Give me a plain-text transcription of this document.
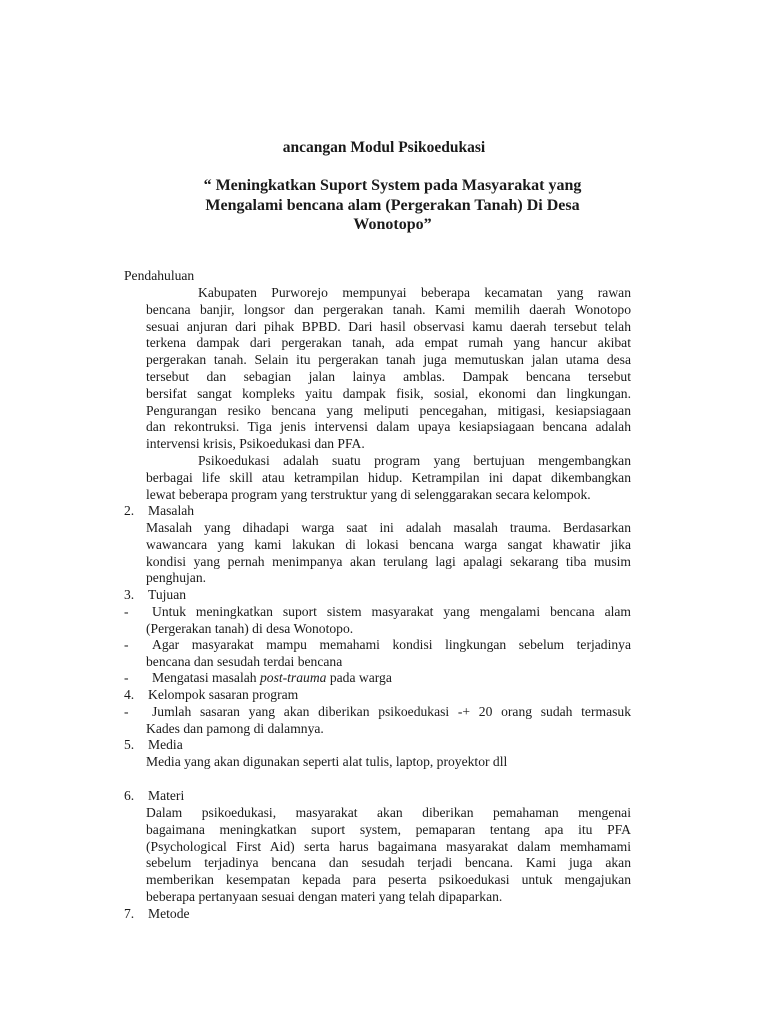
ancangan Modul Psikoedukasi
“ Meningkatkan Suport System pada Masyarakat yang
Mengalami bencana alam (Pergerakan Tanah) Di Desa
Wonotopo”
Pendahuluan
Kabupaten Purworejo mempunyai beberapa kecamatan yang rawan
bencana banjir, longsor dan pergerakan tanah. Kami memilih daerah Wonotopo
sesuai anjuran dari pihak BPBD. Dari hasil observasi kamu daerah tersebut telah
terkena dampak dari pergerakan tanah, ada empat rumah yang hancur akibat
pergerakan tanah. Selain itu pergerakan tanah juga memutuskan jalan utama desa
tersebut dan sebagian jalan lainya amblas. Dampak bencana tersebut
bersifat sangat kompleks yaitu dampak fisik, sosial, ekonomi dan lingkungan.
Pengurangan resiko bencana yang meliputi pencegahan, mitigasi, kesiapsiagaan
dan rekontruksi. Tiga jenis intervensi dalam upaya kesiapsiagaan bencana adalah
intervensi krisis, Psikoedukasi dan PFA.
Psikoedukasi adalah suatu program yang bertujuan mengembangkan
berbagai life skill atau ketrampilan hidup. Ketrampilan ini dapat dikembangkan
lewat beberapa program yang terstruktur yang di selenggarakan secara kelompok.
2. Masalah
Masalah yang dihadapi warga saat ini adalah masalah trauma. Berdasarkan
wawancara yang kami lakukan di lokasi bencana warga sangat khawatir jika
kondisi yang pernah menimpanya akan terulang lagi apalagi sekarang tiba musim
penghujan.
3. Tujuan
-	Untuk meningkatkan suport sistem masyarakat yang mengalami bencana alam
(Pergerakan tanah) di desa Wonotopo.
-	Agar masyarakat mampu memahami kondisi lingkungan sebelum terjadinya
bencana dan sesudah terdai bencana
-	Mengatasi masalah post-trauma pada warga
4. Kelompok sasaran program
-	Jumlah sasaran yang akan diberikan psikoedukasi -+ 20 orang sudah termasuk
Kades dan pamong di dalamnya.
5. Media
Media yang akan digunakan seperti alat tulis, laptop, proyektor dll
6. Materi
Dalam psikoedukasi, masyarakat akan diberikan pemahaman mengenai
bagaimana meningkatkan suport system, pemaparan tentang apa itu PFA
(Psychological First Aid) serta harus bagaimana masyarakat dalam memhamami
sebelum terjadinya bencana dan sesudah terjadi bencana. Kami juga akan
memberikan kesempatan kepada para peserta psikoedukasi untuk mengajukan
beberapa pertanyaan sesuai dengan materi yang telah dipaparkan.
7. Metode
